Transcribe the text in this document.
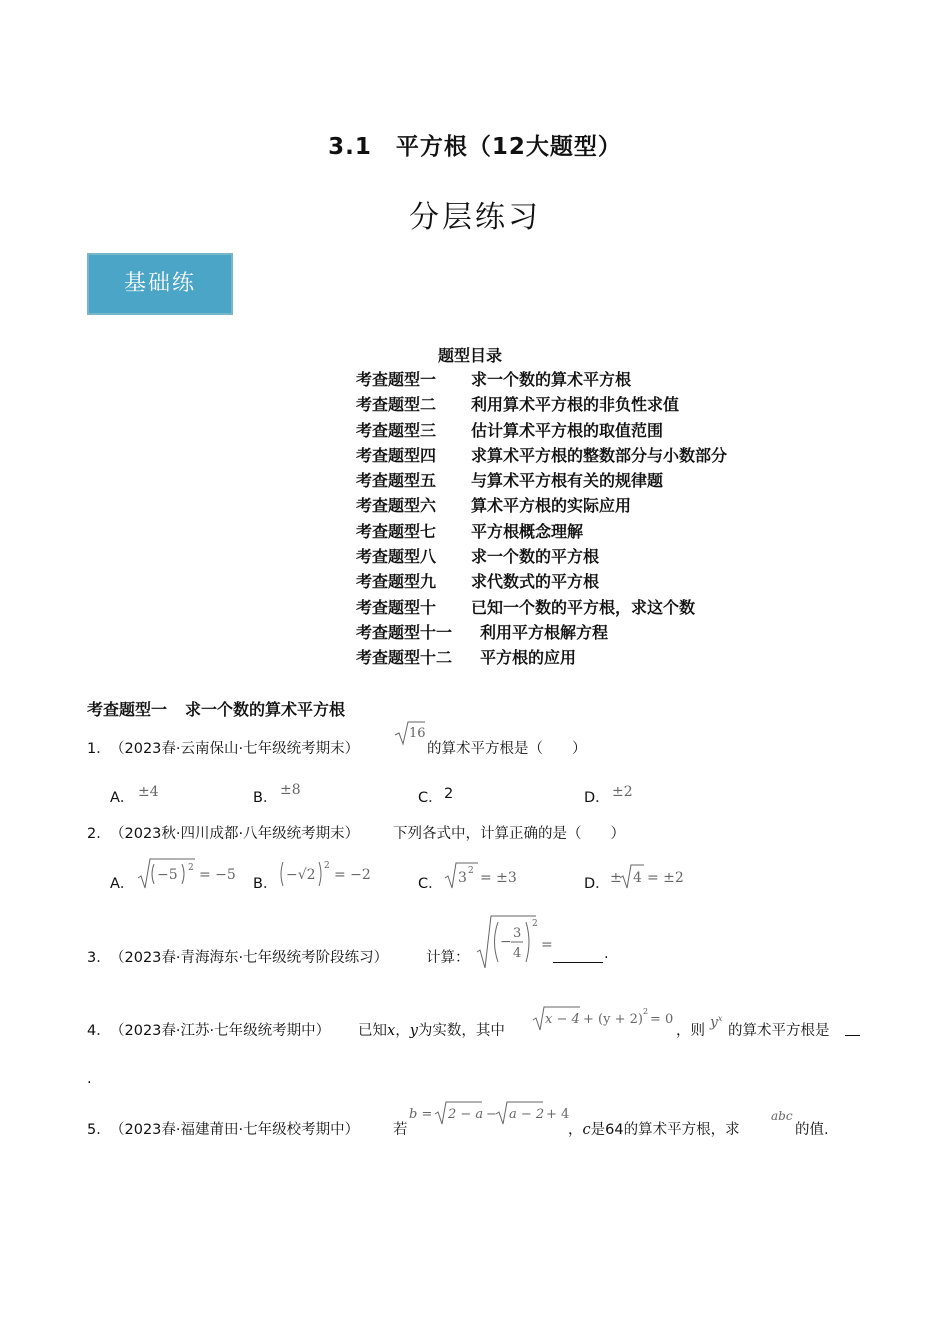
3.1　平方根（12大题型）
分层练习
基础练
题型目录
考查题型一 求一个数的算术平方根
考查题型二 利用算术平方根的非负性求值
考查题型三 估计算术平方根的取值范围
考查题型四 求算术平方根的整数部分与小数部分
考查题型五 与算术平方根有关的规律题
考查题型六 算术平方根的实际应用
考查题型七 平方根概念理解
考查题型八 求一个数的平方根
考查题型九 求代数式的平方根
考查题型十 已知一个数的平方根，求这个数
考查题型十一 利用平方根解方程
考查题型十二 平方根的应用
考查题型一 求一个数的算术平方根
1． （2023春·云南保山·七年级统考期末）
16
的算术平方根是（　　）
A． ±4	B． ±8	C． 2	D． ±2
2． （2023秋·四川成都·八年级统考期末） 下列各式中，计算正确的是（　　）
A．
−5 2 = −5
B．
−√2
2
= −2
C． 3 2 = ±3	D． ± 4 = ±2
3． （2023春·青海海东·七年级统考阶段练习）	计算：
−
3
4
2
=
.
4． （2023春·江苏·七年级统考期中） 已知x，y为实数，其中
x − 4 + (y + 2)
2
= 0
，则
$y^x$
的算术平方根是
.
5． （2023春·福建莆田·七年级校考期中） 若
b = 2 − a − a − 2 + 4
，c是64的算术平方根，求
abc
的值.
